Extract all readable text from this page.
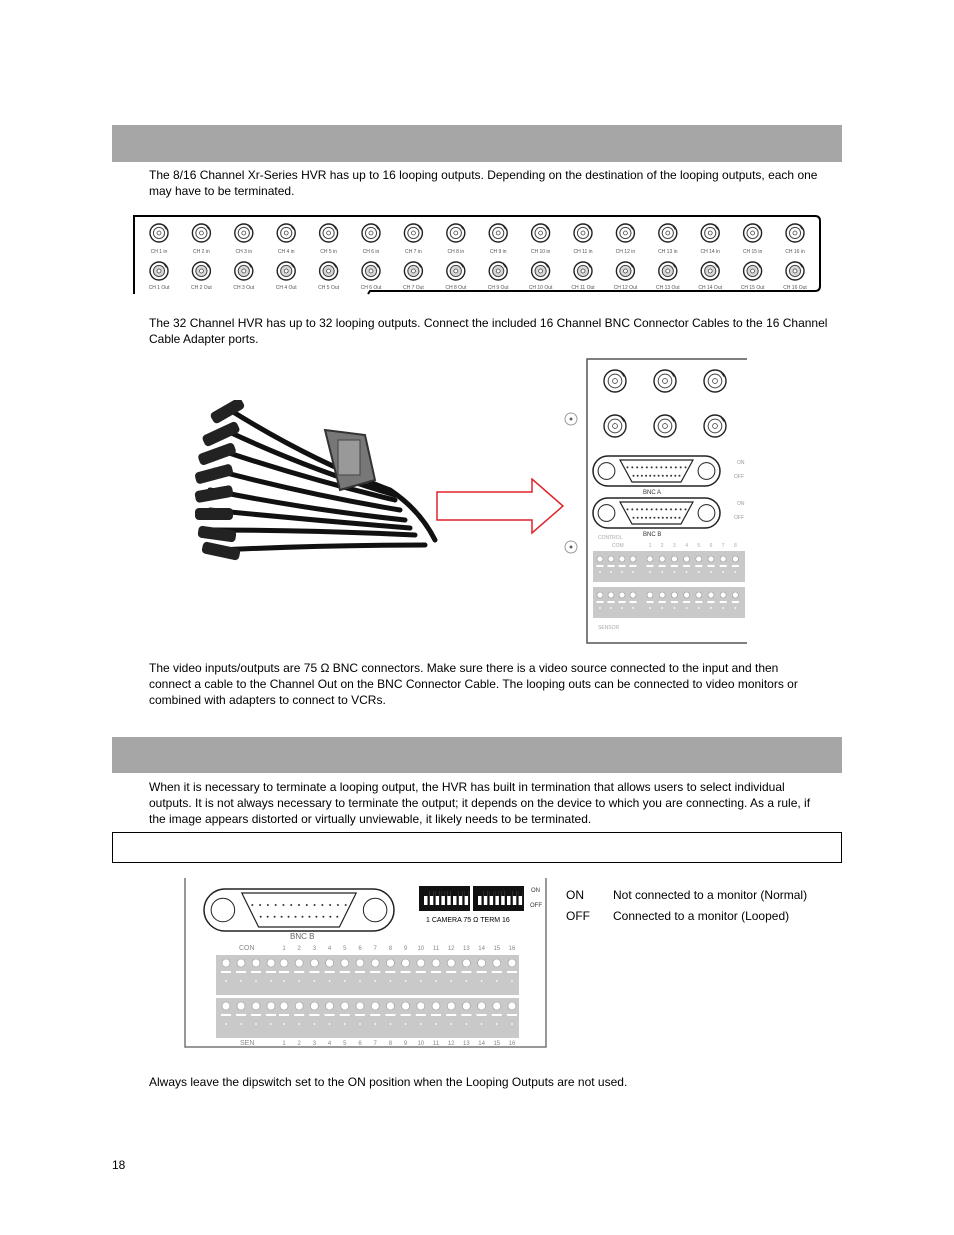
The 8/16 Channel Xr-Series HVR has up to 16 looping outputs. Depending on the destination of the looping outputs, each one may have to be terminated.

CH 1 in
CH 1 Out
CH 2 in
CH 2 Out
CH 3 in
CH 3 Out
CH 4 in
CH 4 Out
CH 5 in
CH 5 Out
CH 6 in
CH 6 Out
CH 7 in
CH 7 Out
CH 8 in
CH 8 Out
CH 9 in
CH 9 Out
CH 10 in
CH 10 Out
CH 11 in
CH 11 Out
CH 12 in
CH 12 Out
CH 13 in
CH 13 Out
CH 14 in
CH 14 Out
CH 15 in
CH 15 Out
CH 16 in
CH 16 Out

The 32 Channel HVR has up to 32 looping outputs. Connect the included 16 Channel BNC Connector Cables to the 16 Channel Cable Adapter ports.

ON
OFF
ON
OFF
BNC A
BNC B
CONTROL
COM	1 2 3 4 5 6 7 8
SENSOR

The video inputs/outputs are 75 Ω BNC connectors. Make sure there is a video source connected to the input and then connect a cable to the Channel Out on the BNC Connector Cable. The looping outs can be connected to video monitors or combined with adapters to connect to VCRs.

When it is necessary to terminate a looping output, the HVR has built in termination that allows users to select individual outputs. It is not always necessary to terminate the output; it depends on the device to which you are connecting. As a rule, if the image appears distorted or virtually unviewable, it likely needs to be terminated.

ON
OFF
1 CAMERA 75 Ω TERM 16
BNC B
CON	1 2 3 4 5 6 7 8 9 10 11 12 13 14 15 16
SEN	1 2 3 4 5 6 7 8 9 10 11 12 13 14 15 16
ON Not connected to a monitor (Normal)
OFF Connected to a monitor (Looped)

Always leave the dipswitch set to the ON position when the Looping Outputs are not used.

18
